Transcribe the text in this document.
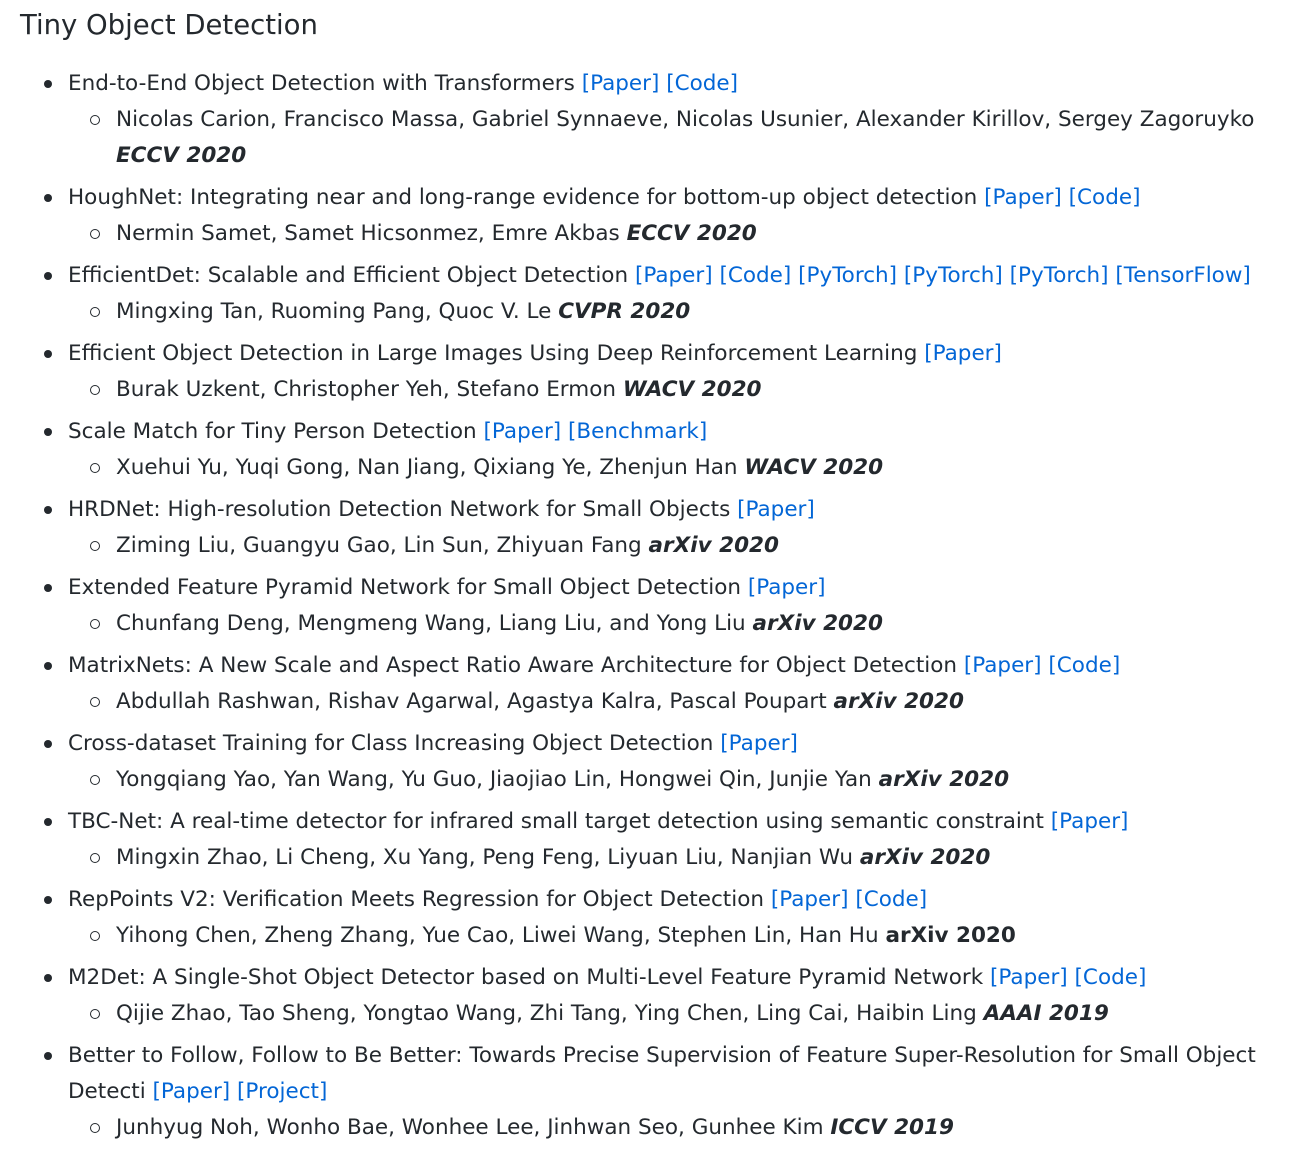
Tiny Object Detection
End-to-End Object Detection with Transformers [Paper] [Code]
Nicolas Carion, Francisco Massa, Gabriel Synnaeve, Nicolas Usunier, Alexander Kirillov, Sergey Zagoruyko ECCV 2020
HoughNet: Integrating near and long-range evidence for bottom-up object detection [Paper] [Code]
Nermin Samet, Samet Hicsonmez, Emre Akbas ECCV 2020
EfficientDet: Scalable and Efficient Object Detection [Paper] [Code] [PyTorch] [PyTorch] [PyTorch] [TensorFlow]
Mingxing Tan, Ruoming Pang, Quoc V. Le CVPR 2020
Efficient Object Detection in Large Images Using Deep Reinforcement Learning [Paper]
Burak Uzkent, Christopher Yeh, Stefano Ermon WACV 2020
Scale Match for Tiny Person Detection [Paper] [Benchmark]
Xuehui Yu, Yuqi Gong, Nan Jiang, Qixiang Ye, Zhenjun Han WACV 2020
HRDNet: High-resolution Detection Network for Small Objects [Paper]
Ziming Liu, Guangyu Gao, Lin Sun, Zhiyuan Fang arXiv 2020
Extended Feature Pyramid Network for Small Object Detection [Paper]
Chunfang Deng, Mengmeng Wang, Liang Liu, and Yong Liu arXiv 2020
MatrixNets: A New Scale and Aspect Ratio Aware Architecture for Object Detection [Paper] [Code]
Abdullah Rashwan, Rishav Agarwal, Agastya Kalra, Pascal Poupart arXiv 2020
Cross-dataset Training for Class Increasing Object Detection [Paper]
Yongqiang Yao, Yan Wang, Yu Guo, Jiaojiao Lin, Hongwei Qin, Junjie Yan arXiv 2020
TBC-Net: A real-time detector for infrared small target detection using semantic constraint [Paper]
Mingxin Zhao, Li Cheng, Xu Yang, Peng Feng, Liyuan Liu, Nanjian Wu arXiv 2020
RepPoints V2: Verification Meets Regression for Object Detection [Paper] [Code]
Yihong Chen, Zheng Zhang, Yue Cao, Liwei Wang, Stephen Lin, Han Hu arXiv 2020
M2Det: A Single-Shot Object Detector based on Multi-Level Feature Pyramid Network [Paper] [Code]
Qijie Zhao, Tao Sheng, Yongtao Wang, Zhi Tang, Ying Chen, Ling Cai, Haibin Ling AAAI 2019
Better to Follow, Follow to Be Better: Towards Precise Supervision of Feature Super-Resolution for Small Object Detecti [Paper] [Project]
Junhyug Noh, Wonho Bae, Wonhee Lee, Jinhwan Seo, Gunhee Kim ICCV 2019
